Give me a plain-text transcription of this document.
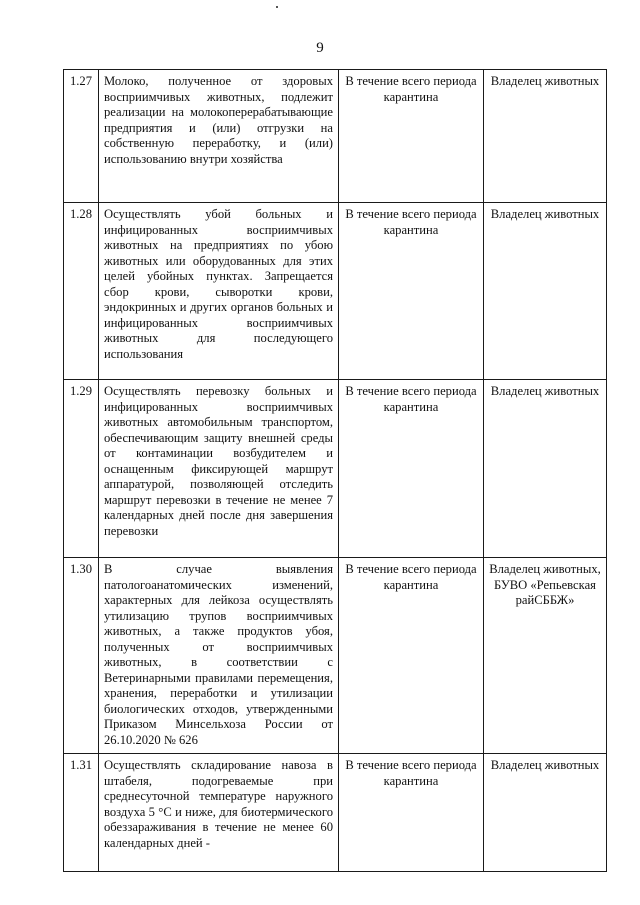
9
1.27	Молоко, полученное от здоровых восприимчивых животных, подлежит реализации на молокоперерабатывающие предприятия и (или) отгрузки на собственную переработку, и (или) использованию внутри хозяйства	В течение всего периода карантина	Владелец животных
1.28	Осуществлять убой больных и инфицированных восприимчивых животных на предприятиях по убою животных или оборудованных для этих целей убойных пунктах. Запрещается сбор крови, сыворотки крови, эндокринных и других органов больных и инфицированных восприимчивых животных для последующего использования	В течение всего периода карантина	Владелец животных
1.29	Осуществлять перевозку больных и инфицированных восприимчивых животных автомобильным транспортом, обеспечивающим защиту внешней среды от контаминации возбудителем и оснащенным фиксирующей маршрут аппаратурой, позволяющей отследить маршрут перевозки в течение не менее 7 календарных дней после дня завершения перевозки	В течение всего периода карантина	Владелец животных
1.30	В случае выявления патологоанатомических изменений, характерных для лейкоза осуществлять утилизацию трупов восприимчивых животных, а также продуктов убоя, полученных от восприимчивых животных, в соответствии с Ветеринарными правилами перемещения, хранения, переработки и утилизации биологических отходов, утвержденными Приказом Минсельхоза России от 26.10.2020 № 626	В течение всего периода карантина	Владелец животных, БУВО «Репьевская райСББЖ»
1.31	Осуществлять складирование навоза в штабеля, подогреваемые при среднесуточной температуре наружного воздуха 5 °С и ниже, для биотермического обеззараживания в течение не менее 60 календарных дней -	В течение всего периода карантина	Владелец животных
